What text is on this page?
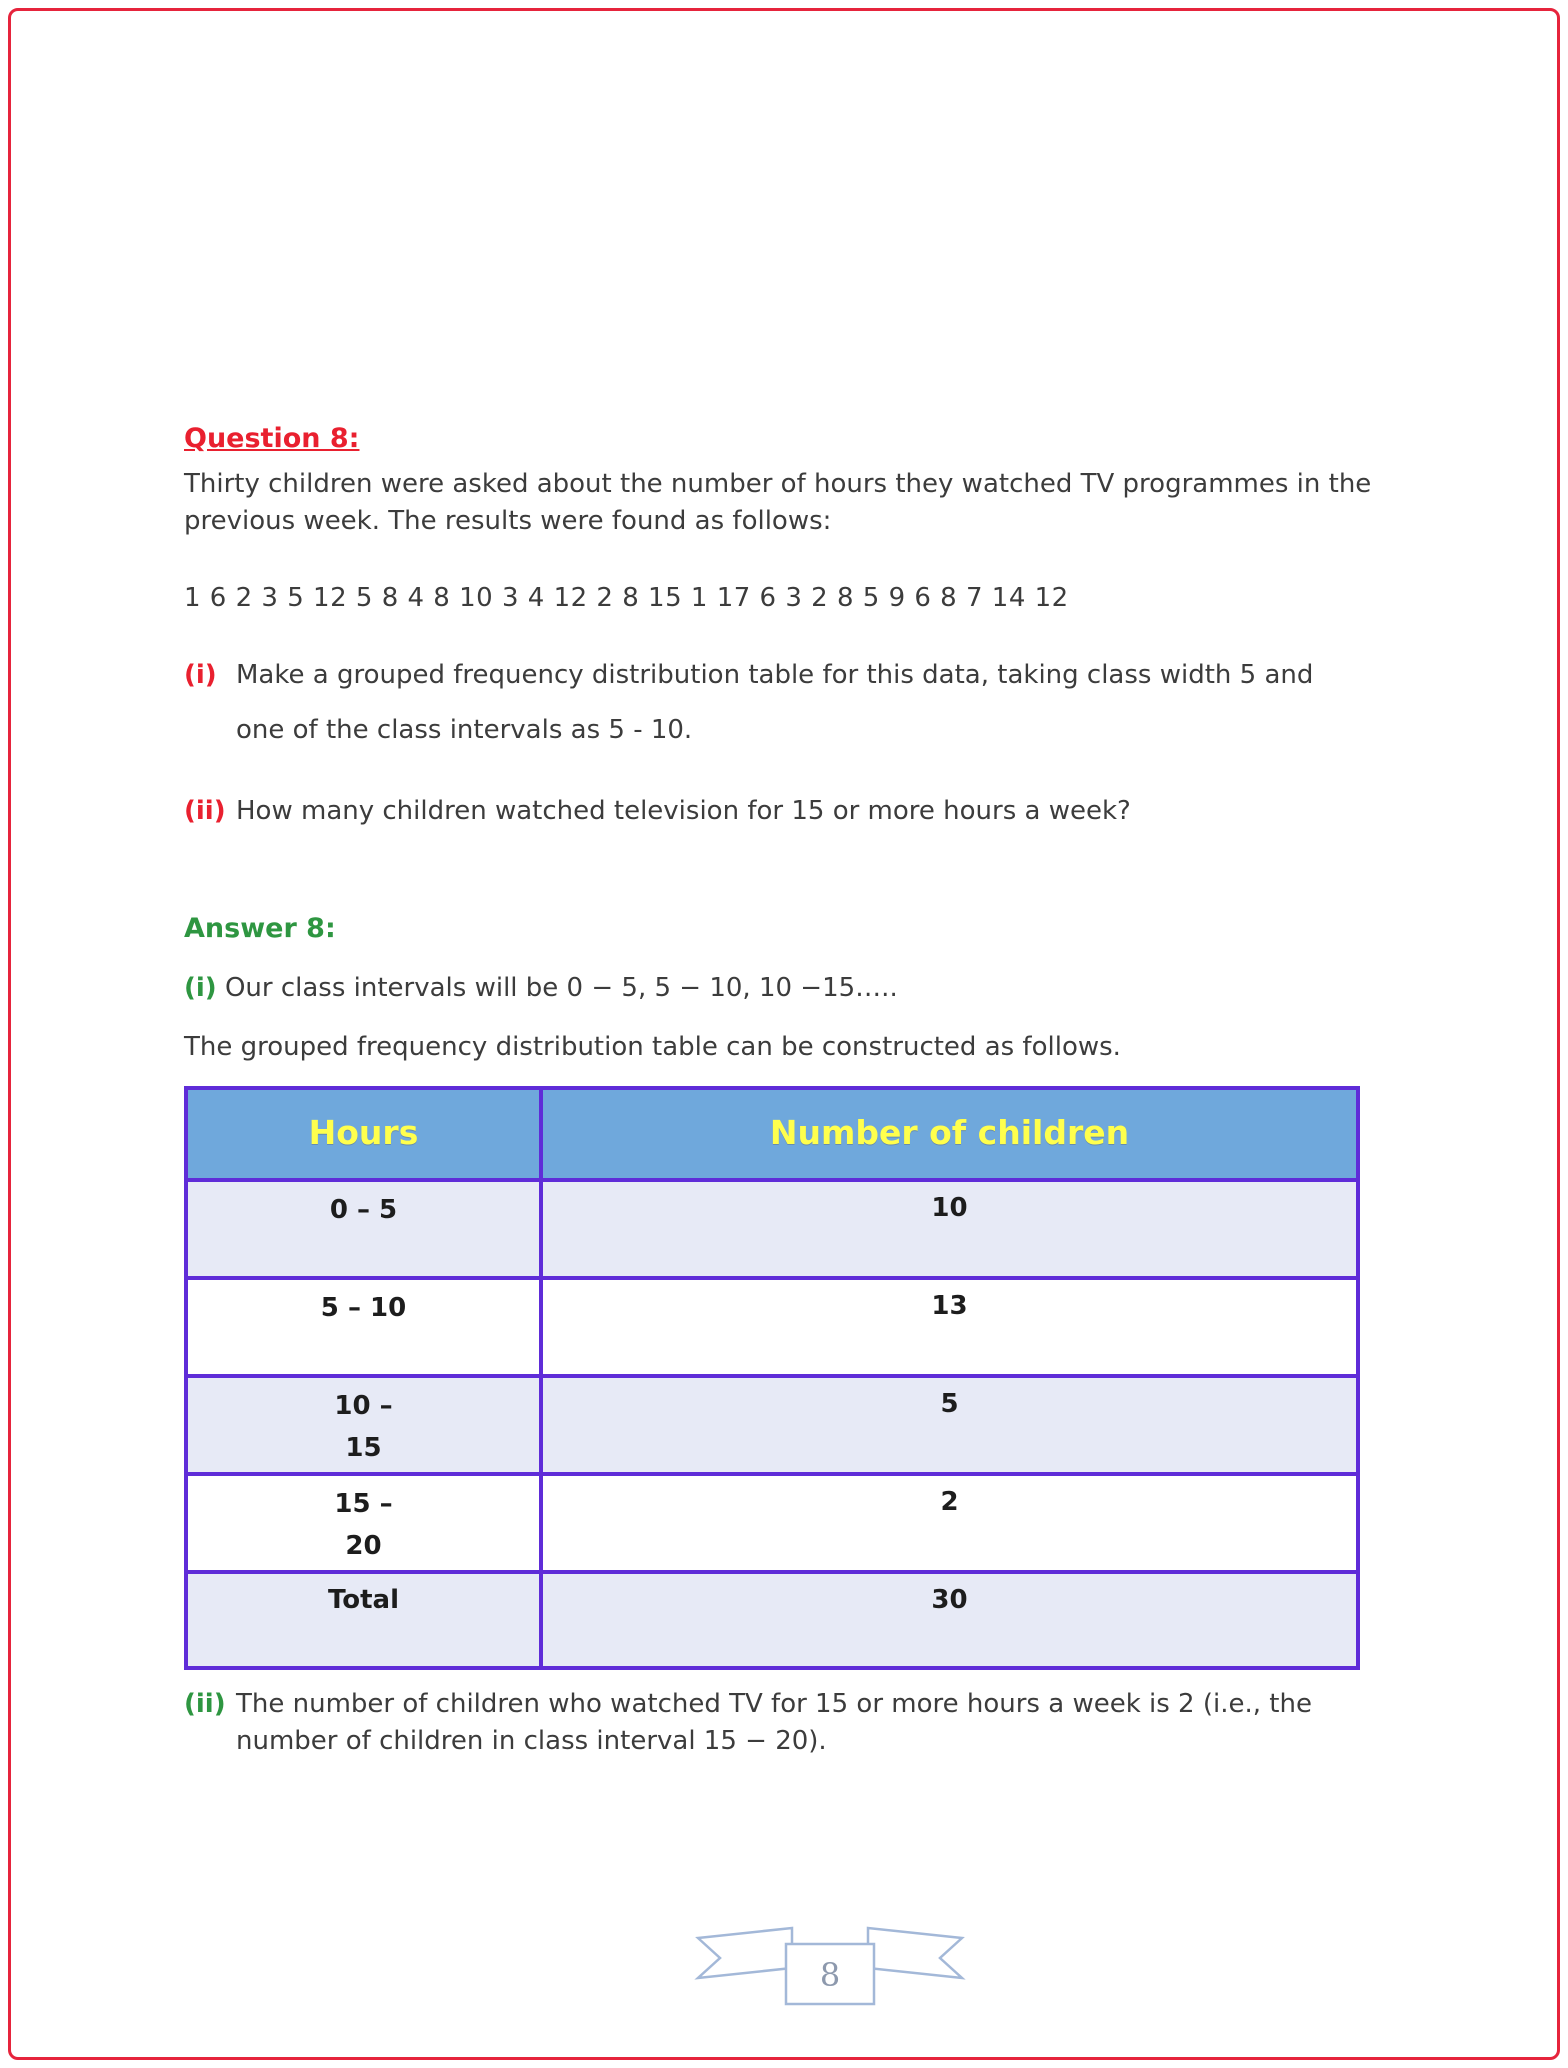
Question 8:

Thirty children were asked about the number of hours they watched TV programmes in the previous week. The results were found as follows:

1 6 2 3 5 12 5 8 4 8 10 3 4 12 2 8 15 1 17 6 3 2 8 5 9 6 8 7 14 12

(i) Make a grouped frequency distribution table for this data, taking class width 5 and

one of the class intervals as 5 - 10.

(ii) How many children watched television for 15 or more hours a week?

Answer 8:

(i) Our class intervals will be 0 − 5, 5 − 10, 10 −15…..

The grouped frequency distribution table can be constructed as follows.

Hours	Number of children

0 – 5	10

5 – 10	13

10 –
15	5

15 –
20	2
Total	30

(ii) The number of children who watched TV for 15 or more hours a week is 2 (i.e., the number of children in class interval 15 − 20).

8
